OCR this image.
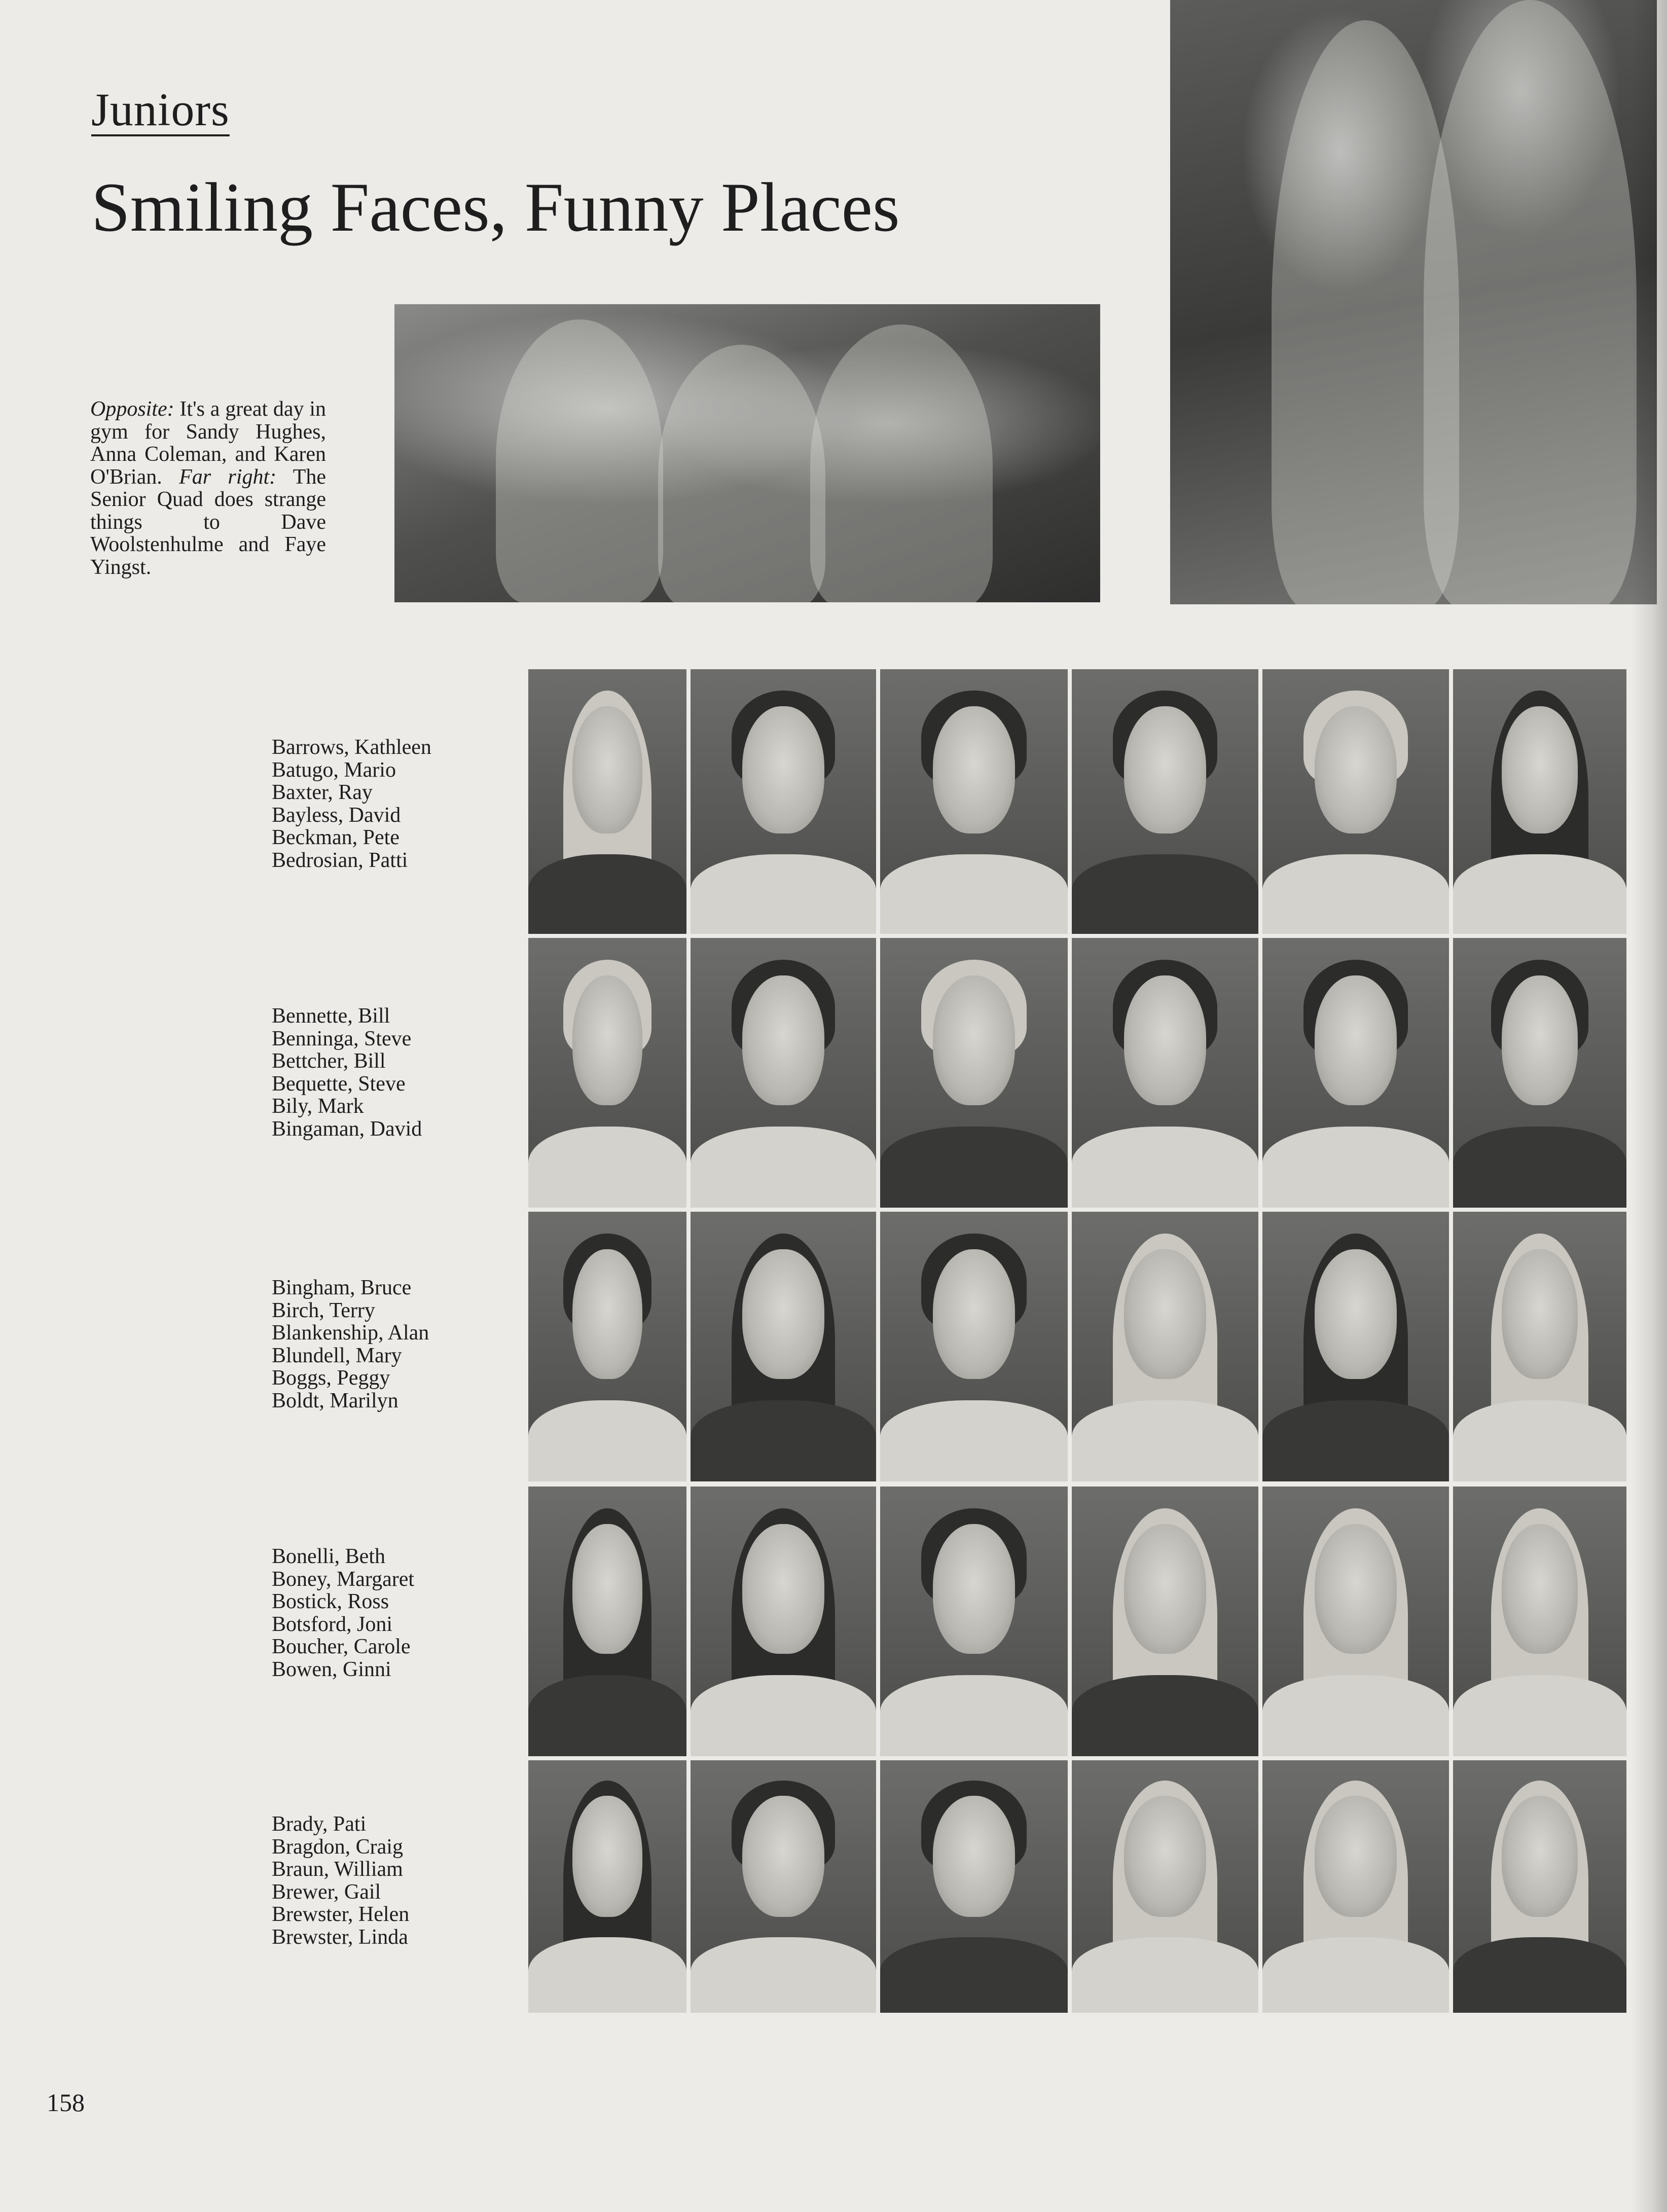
Juniors
Smiling Faces, Funny Places
Opposite: It's a great day in gym for Sandy Hughes, Anna Coleman, and Karen O'Brian. Far right: The Senior Quad does strange things to Dave Woolstenhulme and Faye Yingst.
Barrows, Kathleen
Batugo, Mario
Baxter, Ray
Bayless, David
Beckman, Pete
Bedrosian, Patti
Bennette, Bill
Benninga, Steve
Bettcher, Bill
Bequette, Steve
Bily, Mark
Bingaman, David
Bingham, Bruce
Birch, Terry
Blankenship, Alan
Blundell, Mary
Boggs, Peggy
Boldt, Marilyn
Bonelli, Beth
Boney, Margaret
Bostick, Ross
Botsford, Joni
Boucher, Carole
Bowen, Ginni
Brady, Pati
Bragdon, Craig
Braun, William
Brewer, Gail
Brewster, Helen
Brewster, Linda
158
